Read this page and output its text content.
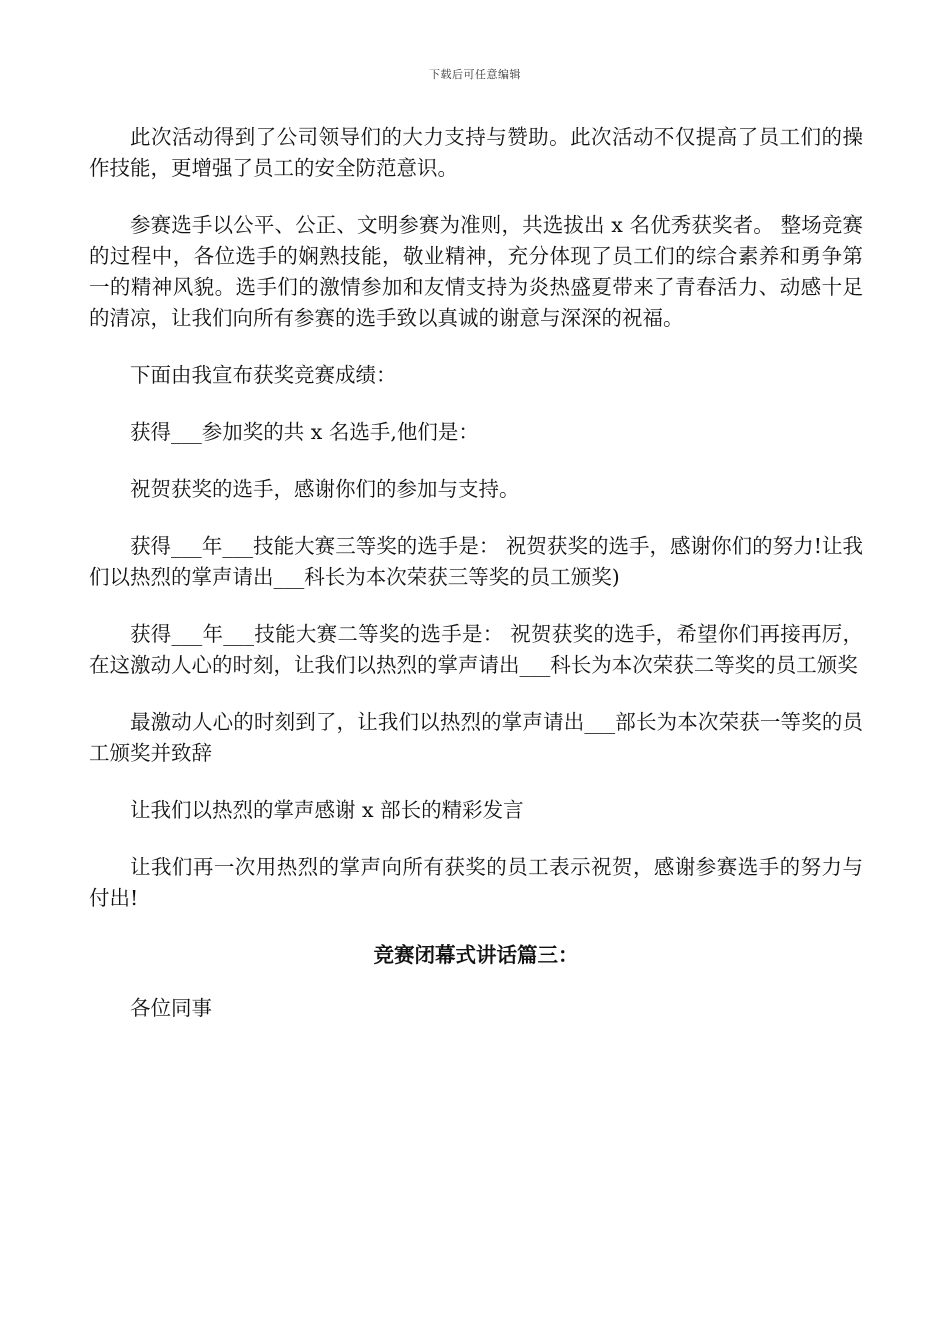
下载后可任意编辑

此次活动得到了公司领导们的大力支持与赞助。此次活动不仅提高了员工们的操作技能，更增强了员工的安全防范意识。

参赛选手以公平、公正、文明参赛为准则，共选拔出 x 名优秀获奖者。 整场竞赛的过程中，各位选手的娴熟技能，敬业精神，充分体现了员工们的综合素养和勇争第一的精神风貌。选手们的激情参加和友情支持为炎热盛夏带来了青春活力、动感十足的清凉，让我们向所有参赛的选手致以真诚的谢意与深深的祝福。

下面由我宣布获奖竞赛成绩：

获得___参加奖的共 x 名选手,他们是：

祝贺获奖的选手，感谢你们的参加与支持。

获得___年___技能大赛三等奖的选手是： 祝贺获奖的选手，感谢你们的努力!让我们以热烈的掌声请出___科长为本次荣获三等奖的员工颁奖)

获得___年___技能大赛二等奖的选手是： 祝贺获奖的选手，希望你们再接再厉，在这激动人心的时刻，让我们以热烈的掌声请出___科长为本次荣获二等奖的员工颁奖

最激动人心的时刻到了，让我们以热烈的掌声请出___部长为本次荣获一等奖的员工颁奖并致辞

让我们以热烈的掌声感谢 x 部长的精彩发言

让我们再一次用热烈的掌声向所有获奖的员工表示祝贺，感谢参赛选手的努力与付出!

竞赛闭幕式讲话篇三：

各位同事
